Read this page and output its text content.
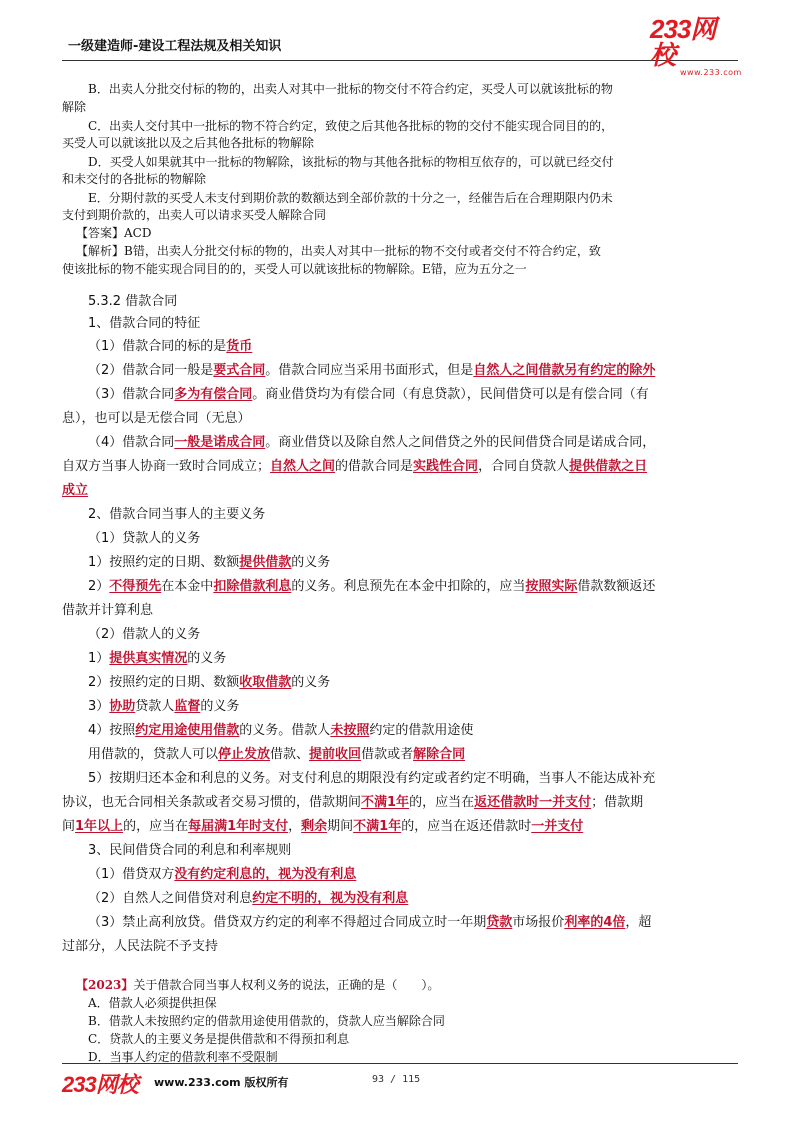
一级建造师-建设工程法规及相关知识
233网校
www.233.com
B．出卖人分批交付标的物的，出卖人对其中一批标的物交付不符合约定，买受人可以就该批标的物
解除
C．出卖人交付其中一批标的物不符合约定，致使之后其他各批标的物的交付不能实现合同目的的，
买受人可以就该批以及之后其他各批标的物解除
D．买受人如果就其中一批标的物解除，该批标的物与其他各批标的物相互依存的，可以就已经交付
和未交付的各批标的物解除
E．分期付款的买受人未支付到期价款的数额达到全部价款的十分之一，经催告后在合理期限内仍未
支付到期价款的，出卖人可以请求买受人解除合同
【答案】ACD
【解析】B错，出卖人分批交付标的物的，出卖人对其中一批标的物不交付或者交付不符合约定，致
使该批标的物不能实现合同目的的，买受人可以就该批标的物解除。E错，应为五分之一
5.3.2 借款合同
1、借款合同的特征
（1）借款合同的标的是货币
（2）借款合同一般是要式合同。借款合同应当采用书面形式，但是自然人之间借款另有约定的除外
（3）借款合同多为有偿合同。商业借贷均为有偿合同（有息贷款），民间借贷可以是有偿合同（有
息），也可以是无偿合同（无息）
（4）借款合同一般是诺成合同。商业借贷以及除自然人之间借贷之外的民间借贷合同是诺成合同，
自双方当事人协商一致时合同成立；自然人之间的借款合同是实践性合同，合同自贷款人提供借款之日
成立
2、借款合同当事人的主要义务
（1）贷款人的义务
1）按照约定的日期、数额提供借款的义务
2）不得预先在本金中扣除借款利息的义务。利息预先在本金中扣除的，应当按照实际借款数额返还
借款并计算利息
（2）借款人的义务
1）提供真实情况的义务
2）按照约定的日期、数额收取借款的义务
3）协助贷款人监督的义务
4）按照约定用途使用借款的义务。借款人未按照约定的借款用途使
用借款的，贷款人可以停止发放借款、提前收回借款或者解除合同
5）按期归还本金和利息的义务。对支付利息的期限没有约定或者约定不明确，当事人不能达成补充
协议，也无合同相关条款或者交易习惯的，借款期间不满1年的，应当在返还借款时一并支付；借款期
间1年以上的，应当在每届满1年时支付，剩余期间不满1年的，应当在返还借款时一并支付
3、民间借贷合同的利息和利率规则
（1）借贷双方没有约定利息的，视为没有利息
（2）自然人之间借贷对利息约定不明的，视为没有利息
（3）禁止高利放贷。借贷双方约定的利率不得超过合同成立时一年期贷款市场报价利率的4倍，超
过部分，人民法院不予支持
【2023】关于借款合同当事人权利义务的说法，正确的是（　　）。
A．借款人必须提供担保
B．借款人未按照约定的借款用途使用借款的，贷款人应当解除合同
C．贷款人的主要义务是提供借款和不得预扣利息
D．当事人约定的借款利率不受限制
233网校 www.233.com 版权所有	93 / 115
